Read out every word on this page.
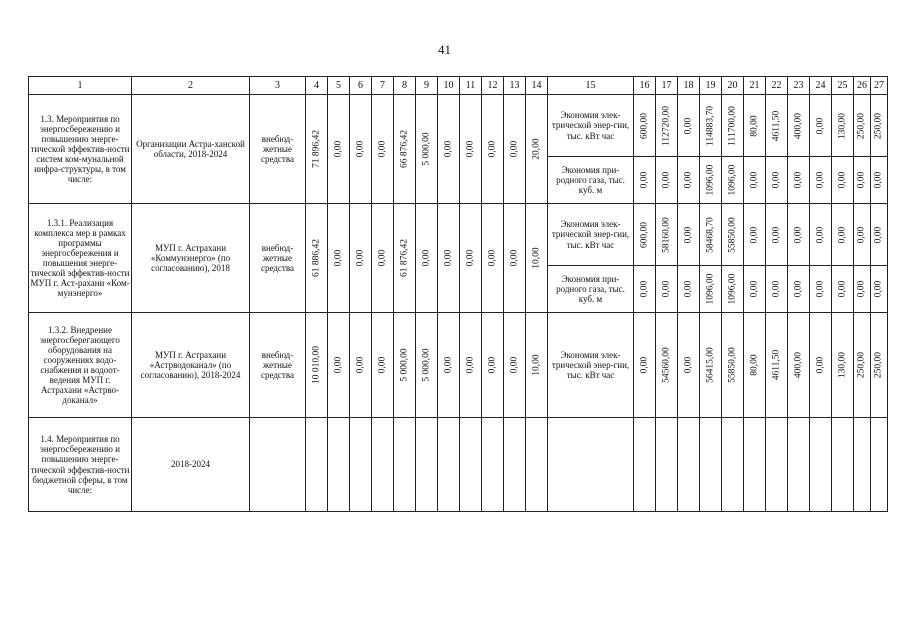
41
1	2	3	4	5	6	7	8	9	10	11	12	13	14	15	16	17	18	19	20	21	22	23	24	25	26	27
1.3. Мероприятия по энергосбережению и повышению энерге-тической эффектив-ности систем ком-мунальной инфра-структуры, в том числе:	Организации Астра-ханской области, 2018-2024	внебюд-жетные средства	71 896,42	0,00	0,00	0,00	66 876,42	5 000,00	0,00	0,00	0,00	0,00	20,00	Экономия элек-трической энер-гии, тыс. кВт час	600,00	112720,00	0,00	114883,70	111700,00	80,00	4611,50	400,00	0,00	130,00	250,00	250,00

														Экономия при-родного газа, тыс. куб. м	0,00	0,00	0,00	1096,00	1096,00	0,00	0,00	0,00	0,00	0,00	0,00	0,00

1.3.1. Реализация комплекса мер в рамках программы энергосбережения и повышения энерге-тической эффектив-ности МУП г. Аст-рахани «Ком-мунэнерго»	МУП г. Астрахани «Коммунэнерго» (по согласованию), 2018	внебюд-жетные средства	61 886,42	0,00	0,00	0,00	61 876,42	0,00	0,00	0,00	0,00	0,00	10,00	Экономия элек-трической энер-гии, тыс. кВт час	600,00	58160,00	0,00	58468,70	55850,00	0,00	0,00	0,00	0,00	0,00	0,00	0,00

														Экономия при-родного газа, тыс. куб. м	0,00	0,00	0,00	1096,00	1096,00	0,00	0,00	0,00	0,00	0,00	0,00	0,00

1.3.2. Внедрение энергосберегающего оборудования на сооружениях водо-снабжения и водоот-ведения МУП г. Астрахани «Астрво-доканал»	МУП г. Астрахани «Астрводоканал» (по согласованию), 2018-2024	внебюд-жетные средства	10 010,00	0,00	0,00	0,00	5 000,00	5 000,00	0,00	0,00	0,00	0,00	10,00	Экономия элек-трической энер-гии, тыс. кВт час	0,00	54560,00	0,00	56415,00	55850,00	80,00	4611,50	400,00	0,00	130,00	250,00	250,00

1.4. Мероприятия по энергосбережению и повышению энерге-тической эффектив-ности бюджетной сферы, в том числе:	2018-2024																									
